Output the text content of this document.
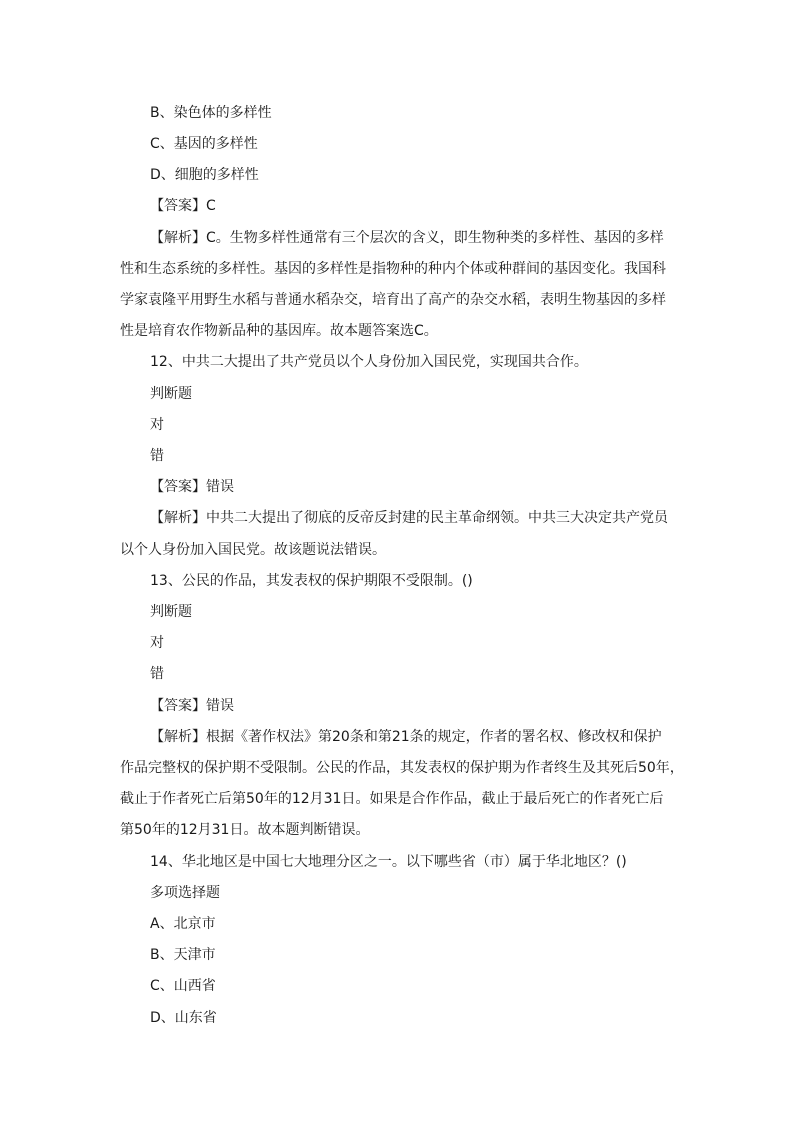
B、染色体的多样性
C、基因的多样性
D、细胞的多样性
【答案】C
【解析】C。生物多样性通常有三个层次的含义，即生物种类的多样性、基因的多样
性和生态系统的多样性。基因的多样性是指物种的种内个体或种群间的基因变化。我国科
学家袁隆平用野生水稻与普通水稻杂交，培育出了高产的杂交水稻，表明生物基因的多样
性是培育农作物新品种的基因库。故本题答案选C。
12、中共二大提出了共产党员以个人身份加入国民党，实现国共合作。
判断题
对
错
【答案】错误
【解析】中共二大提出了彻底的反帝反封建的民主革命纲领。中共三大决定共产党员
以个人身份加入国民党。故该题说法错误。
13、公民的作品，其发表权的保护期限不受限制。()
判断题
对
错
【答案】错误
【解析】根据《著作权法》第20条和第21条的规定，作者的署名权、修改权和保护
作品完整权的保护期不受限制。公民的作品，其发表权的保护期为作者终生及其死后50年，
截止于作者死亡后第50年的12月31日。如果是合作作品，截止于最后死亡的作者死亡后
第50年的12月31日。故本题判断错误。
14、华北地区是中国七大地理分区之一。以下哪些省（市）属于华北地区？()
多项选择题
A、北京市
B、天津市
C、山西省
D、山东省
